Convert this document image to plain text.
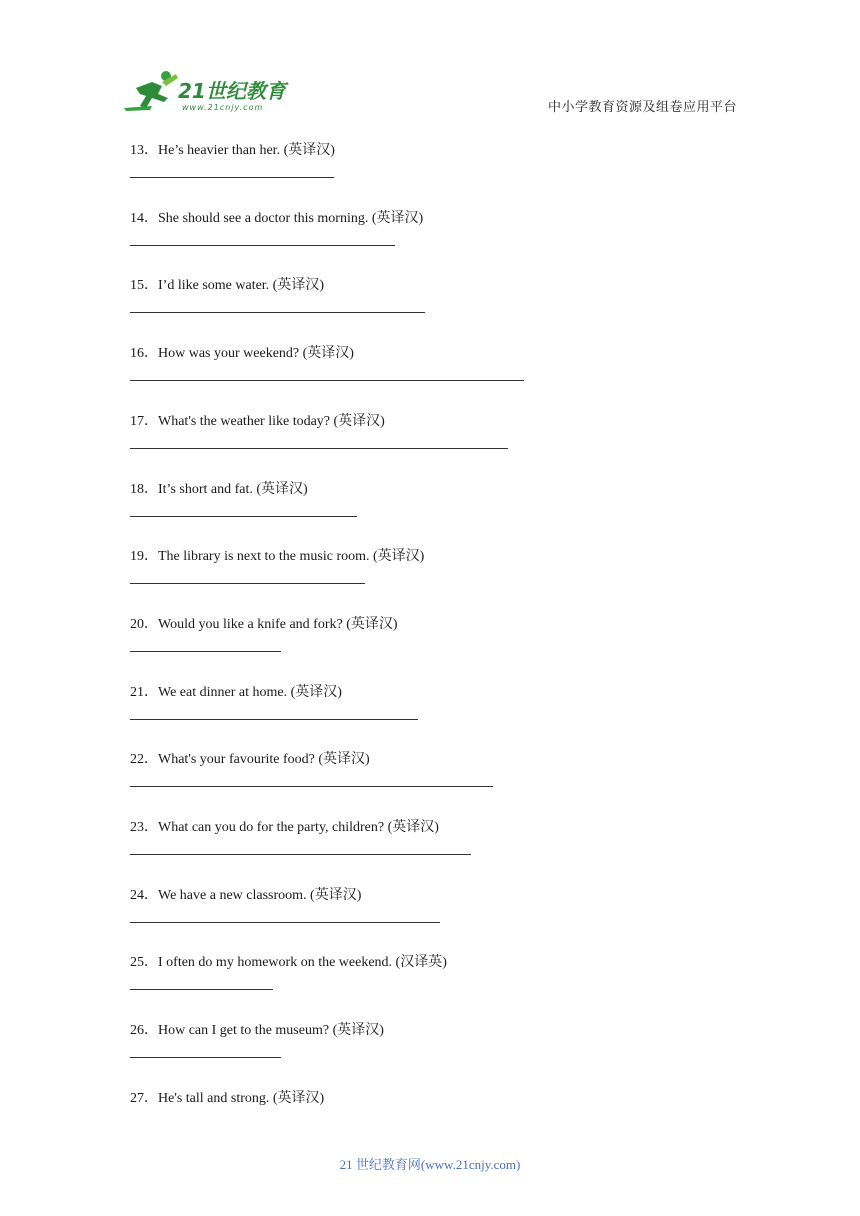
21世纪教育
www.21cnjy.com	中小学教育资源及组卷应用平台
13．He’s heavier than her. (英译汉)
14．She should see a doctor this morning. (英译汉)
15．I’d like some water. (英译汉)
16．How was your weekend? (英译汉)
17．What's the weather like today? (英译汉)
18．It’s short and fat. (英译汉)
19．The library is next to the music room. (英译汉)
20．Would you like a knife and fork? (英译汉)
21．We eat dinner at home. (英译汉)
22．What's your favourite food? (英译汉)
23．What can you do for the party, children? (英译汉)
24．We have a new classroom. (英译汉)
25．I often do my homework on the weekend. (汉译英)
26．How can I get to the museum? (英译汉)
27．He's tall and strong. (英译汉)
21 世纪教育网(www.21cnjy.com)
